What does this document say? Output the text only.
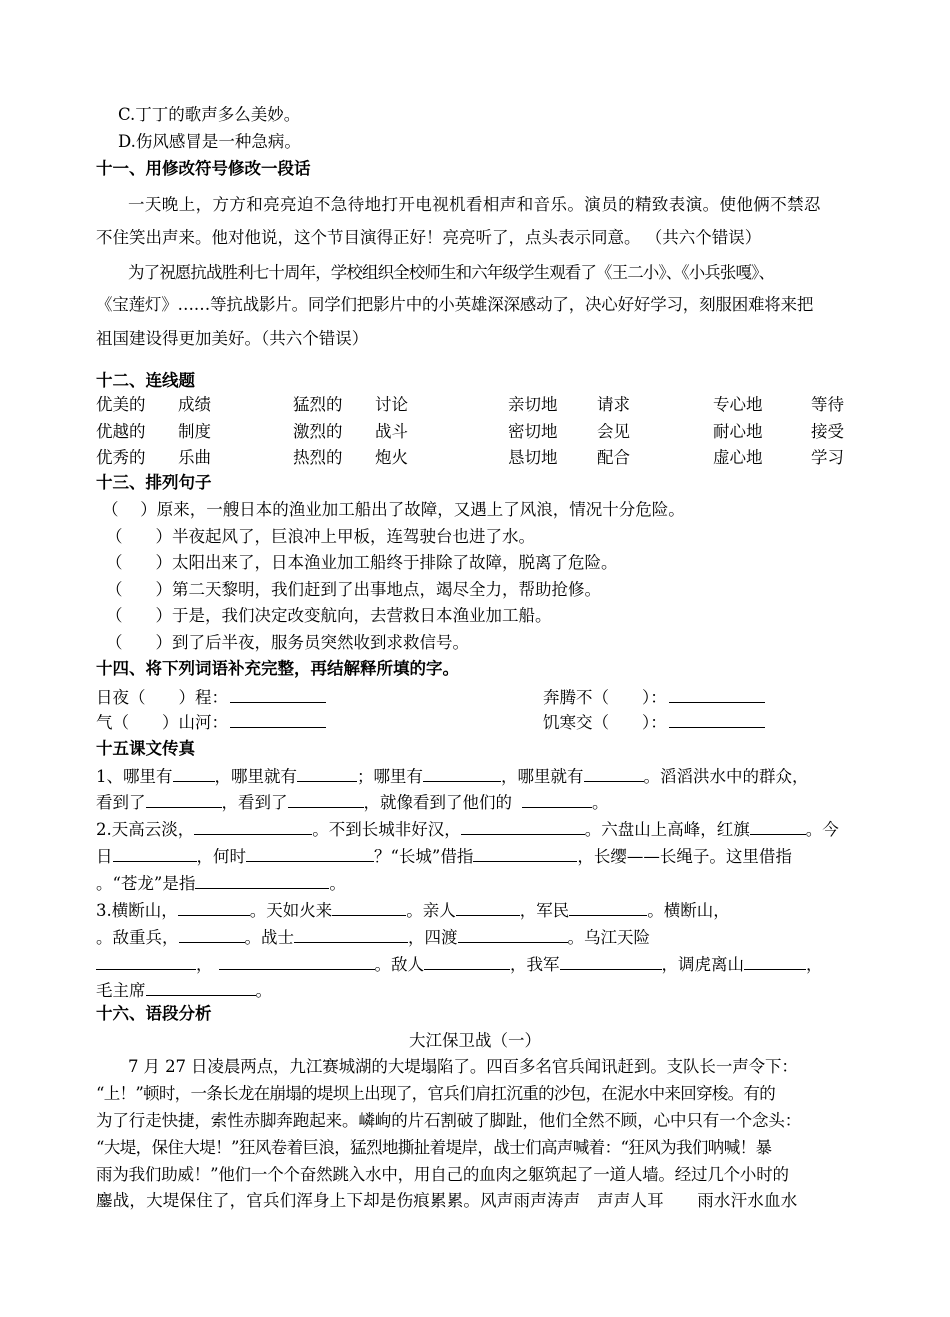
C.丁丁的歌声多么美妙。
D.伤风感冒是一种急病。
十一、用修改符号修改一段话
一天晚上，方方和亮亮迫不急待地打开电视机看相声和音乐。演员的精致表演。使他俩不禁忍
不住笑出声来。他对他说，这个节目演得正好！亮亮听了，点头表示同意。 （共六个错误）
为了祝愿抗战胜利七十周年，学校组织全校师生和六年级学生观看了《王二小》、《小兵张嘎》、
《宝莲灯》……等抗战影片。同学们把影片中的小英雄深深感动了，决心好好学习，刻服困难将来把
祖国建设得更加美好。（共六个错误）
十二、连线题
优美的 成绩	猛烈的 讨论	亲切地 请求	专心地	等待
优越的 制度	激烈的 战斗	密切地 会见	耐心地	接受
优秀的 乐曲	热烈的 炮火	恳切地 配合	虚心地	学习
十三、排列句子
（　 ）原来，一艘日本的渔业加工船出了故障，又遇上了风浪，情况十分危险。
（　　）半夜起风了，巨浪冲上甲板，连驾驶台也进了水。
（　　）太阳出来了，日本渔业加工船终于排除了故障，脱离了危险。
（　　）第二天黎明，我们赶到了出事地点，竭尽全力，帮助抢修。
（　　）于是，我们决定改变航向，去营救日本渔业加工船。
（　　）到了后半夜，服务员突然收到求救信号。
十四、将下列词语补充完整，再结解释所填的字。
日夜（　　）程：	奔腾不（　　）：
气（　　）山河：	饥寒交（　　）：
十五课文传真
1、哪里有	，哪里就有	；哪里有	，哪里就有	。滔滔洪水中的群众，
看到了	，看到了	，就像看到了他们的	。
2.天高云淡，	。不到长城非好汉，	。六盘山上高峰，红旗	。今
日	，何时	？“长城”借指	，长缨——长绳子。这里借指
。“苍龙”是指	。
3.横断山，	。天如火来	。亲人	，军民	。横断山，
。敌重兵，	。战士	，四渡	。乌江天险
，	。敌人	，我军	，调虎离山	，
毛主席	。
十六、语段分析
大江保卫战（一）
7 月 27 日凌晨两点，九江赛城湖的大堤塌陷了。四百多名官兵闻讯赶到。支队长一声令下：
“上！”顿时，一条长龙在崩塌的堤坝上出现了，官兵们肩扛沉重的沙包，在泥水中来回穿梭。有的
为了行走快捷，索性赤脚奔跑起来。嶙峋的片石割破了脚趾，他们全然不顾，心中只有一个念头：
“大堤，保住大堤！”狂风卷着巨浪，猛烈地撕扯着堤岸，战士们高声喊着：“狂风为我们呐喊！暴
雨为我们助威！”他们一个个奋然跳入水中，用自己的血肉之躯筑起了一道人墙。经过几个小时的
鏖战，大堤保住了，官兵们浑身上下却是伤痕累累。风声雨声涛声　声声人耳　　雨水汗水血水
